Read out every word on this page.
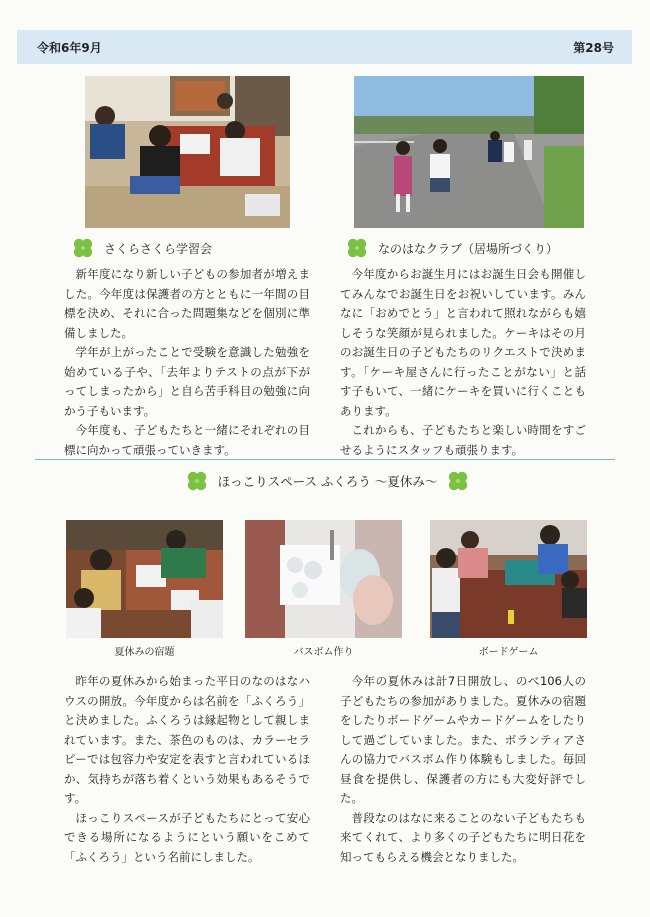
令和6年9月	第28号
さくらさくら学習会	なのはなクラブ（居場所づくり）

新年度になり新しい子どもの参加者が増えました。今年度は保護者の方とともに一年間の目標を決め、それに合った問題集などを個別に準備しました。

学年が上がったことで受験を意識した勉強を始めている子や、「去年よりテストの点が下がってしまったから」と自ら苦手科目の勉強に向かう子もいます。

今年度も、子どもたちと一緒にそれぞれの目標に向かって頑張っていきます。

今年度からお誕生月にはお誕生日会も開催してみんなでお誕生日をお祝いしています。みんなに「おめでとう」と言われて照れながらも嬉しそうな笑顔が見られました。ケーキはその月のお誕生日の子どもたちのリクエストで決めます。「ケーキ屋さんに行ったことがない」と話す子もいて、一緒にケーキを買いに行くこともあります。

これからも、子どもたちと楽しい時間をすごせるようにスタッフも頑張ります。

ほっこりスペース ふくろう ～夏休み～
夏休みの宿題	バスボム作り	ボードゲーム

昨年の夏休みから始まった平日のなのはなハウスの開放。今年度からは名前を「ふくろう」と決めました。ふくろうは縁起物として親しまれています。また、茶色のものは、カラーセラピーでは包容力や安定を表すと言われているほか、気持ちが落ち着くという効果もあるそうです。

ほっこりスペースが子どもたちにとって安心できる場所になるようにという願いをこめて「ふくろう」という名前にしました。

今年の夏休みは計7日開放し、のべ106人の子どもたちの参加がありました。夏休みの宿題をしたりボードゲームやカードゲームをしたりして過ごしていました。また、ボランティアさんの協力でバスボム作り体験もしました。毎回昼食を提供し、保護者の方にも大変好評でした。

普段なのはなに来ることのない子どもたちも来てくれて、より多くの子どもたちに明日花を知ってもらえる機会となりました。
